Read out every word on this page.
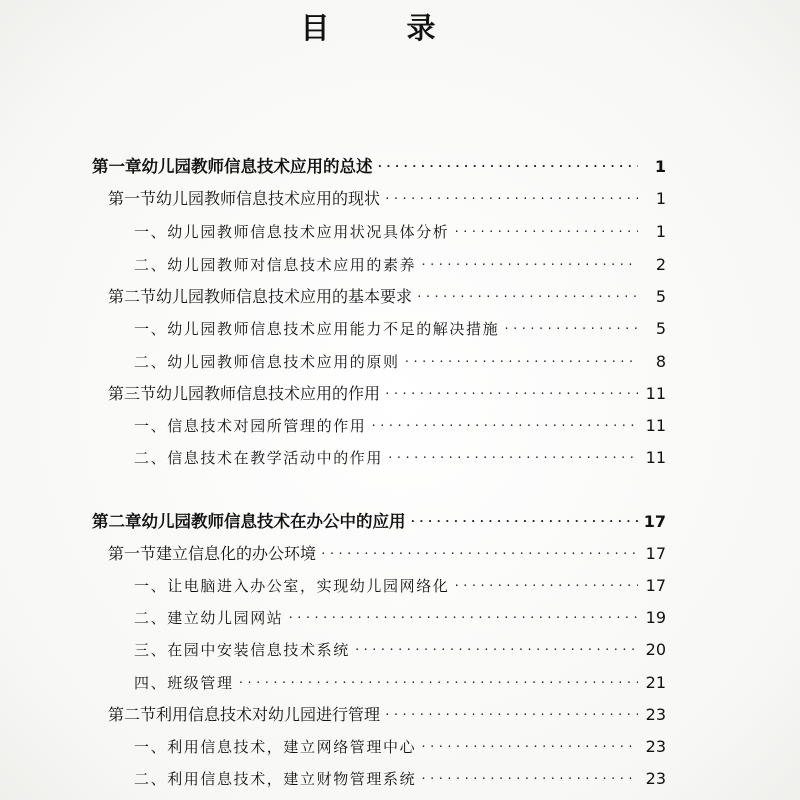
目　录
第一章 幼儿园教师信息技术应用的总述 ·····	1
第一节 幼儿园教师信息技术应用的现状 ·····	1
一、幼儿园教师信息技术应用状况具体分析 ·····	1
二、幼儿园教师对信息技术应用的素养 ·····	2
第二节 幼儿园教师信息技术应用的基本要求 ·····	5
一、幼儿园教师信息技术应用能力不足的解决措施 ·····	5
二、幼儿园教师信息技术应用的原则 ·····	8
第三节 幼儿园教师信息技术应用的作用 ·····	11
一、信息技术对园所管理的作用 ·····	11
二、信息技术在教学活动中的作用 ·····	11
第二章 幼儿园教师信息技术在办公中的应用 ·····	17
第一节 建立信息化的办公环境 ·····	17
一、让电脑进入办公室，实现幼儿园网络化 ·····	17
二、建立幼儿园网站 ·····	19
三、在园中安装信息技术系统 ·····	20
四、班级管理 ·····	21
第二节 利用信息技术对幼儿园进行管理 ·····	23
一、利用信息技术，建立网络管理中心 ·····	23
二、利用信息技术，建立财物管理系统 ·····	23
